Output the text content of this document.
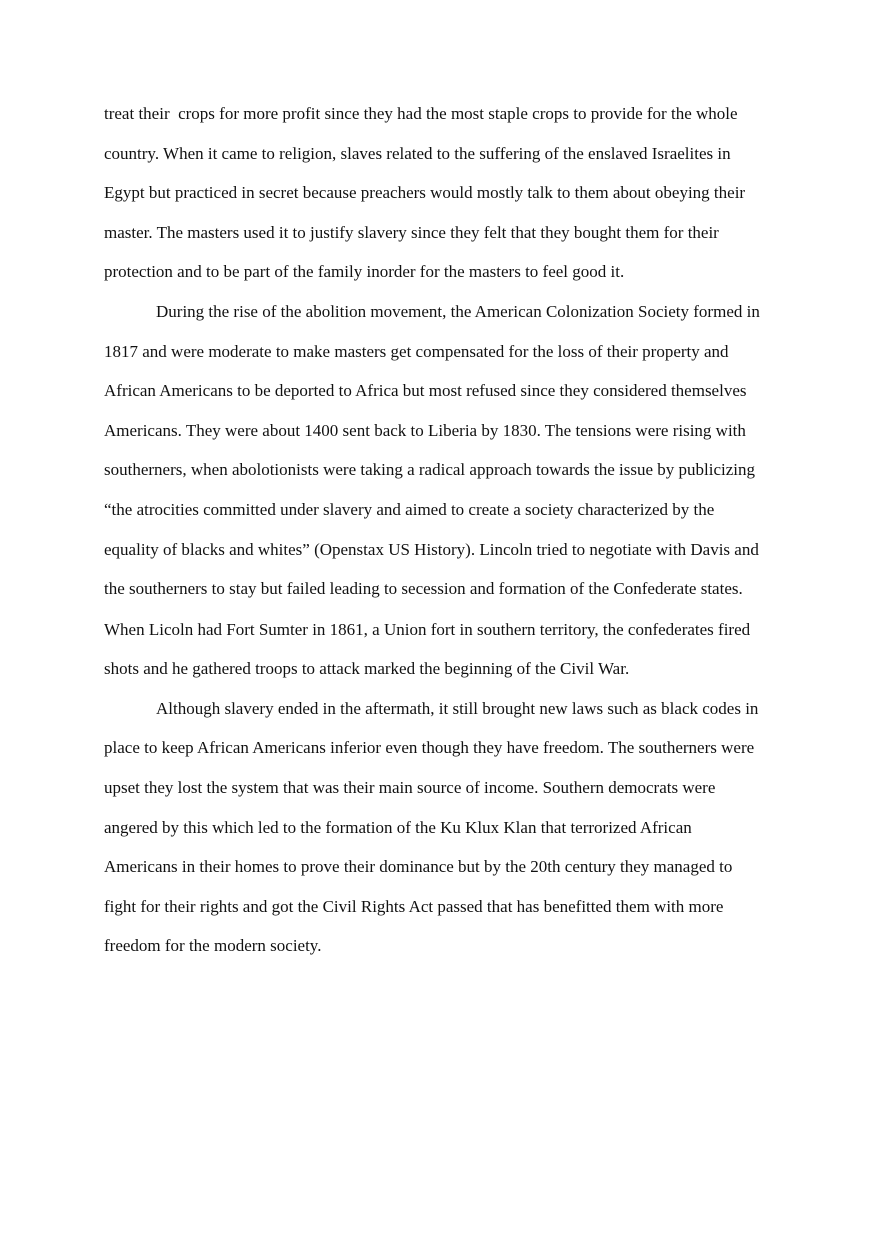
treat their  crops for more profit since they had the most staple crops to provide for the whole
country. When it came to religion, slaves related to the suffering of the enslaved Israelites in
Egypt but practiced in secret because preachers would mostly talk to them about obeying their
master. The masters used it to justify slavery since they felt that they bought them for their
protection and to be part of the family inorder for the masters to feel good it.
During the rise of the abolition movement, the American Colonization Society formed in
1817 and were moderate to make masters get compensated for the loss of their property and
African Americans to be deported to Africa but most refused since they considered themselves
Americans. They were about 1400 sent back to Liberia by 1830. The tensions were rising with
southerners, when abolotionists were taking a radical approach towards the issue by publicizing
“the atrocities committed under slavery and aimed to create a society characterized by the
equality of blacks and whites” (Openstax US History). Lincoln tried to negotiate with Davis and
the southerners to stay but failed leading to secession and formation of the Confederate states.
When Licoln had Fort Sumter in 1861, a Union fort in southern territory, the confederates fired
shots and he gathered troops to attack marked the beginning of the Civil War.
Although slavery ended in the aftermath, it still brought new laws such as black codes in
place to keep African Americans inferior even though they have freedom. The southerners were
upset they lost the system that was their main source of income. Southern democrats were
angered by this which led to the formation of the Ku Klux Klan that terrorized African
Americans in their homes to prove their dominance but by the 20th century they managed to
fight for their rights and got the Civil Rights Act passed that has benefitted them with more
freedom for the modern society.
